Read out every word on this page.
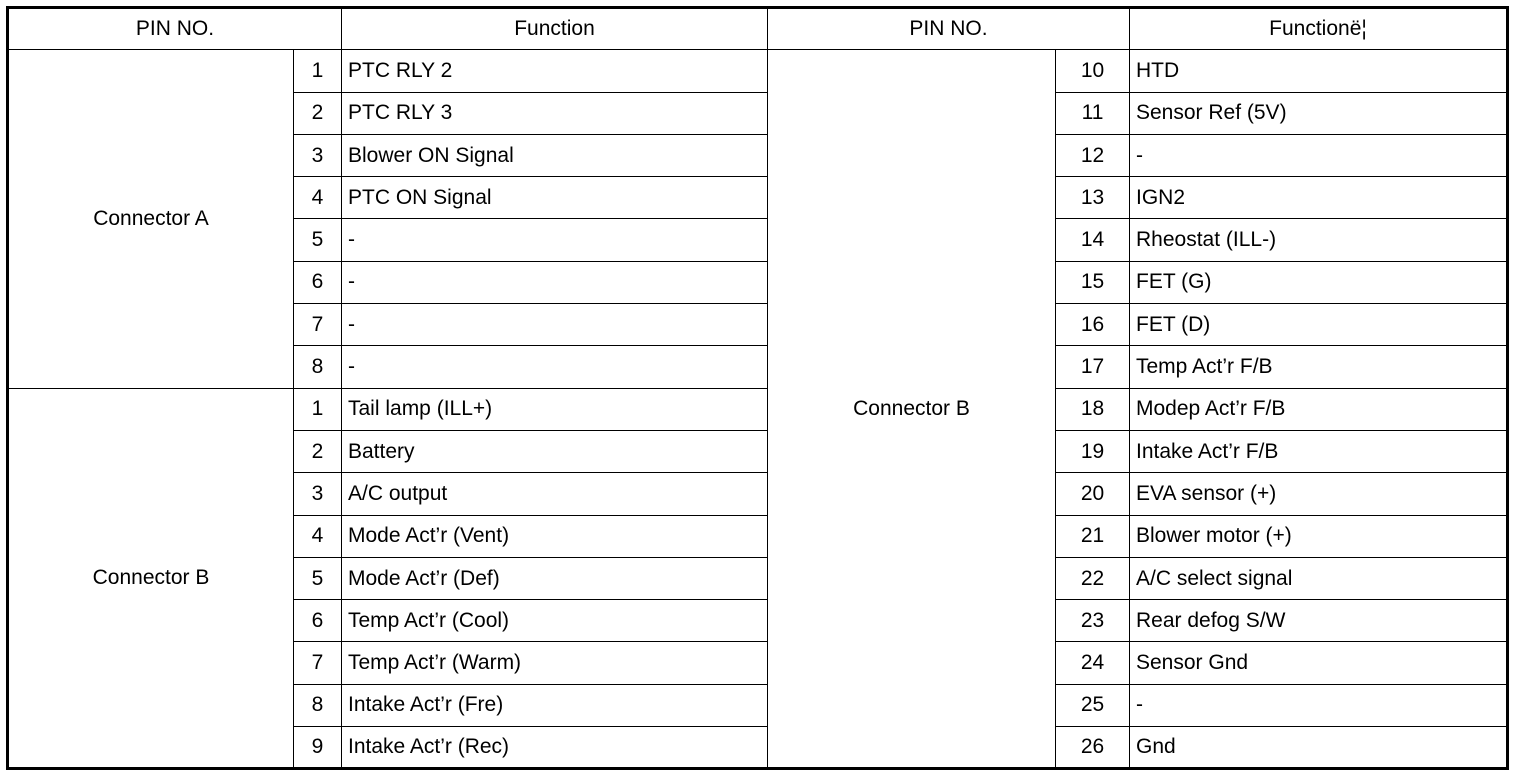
PIN NO.		Function	PIN NO.		Functionë¦
Connector A	1	PTC RLY 2	Connector B	10	HTD
	2	PTC RLY 3		11	Sensor Ref (5V)
	3	Blower ON Signal		12	-
	4	PTC ON Signal		13	IGN2
	5	-		14	Rheostat (ILL-)
	6	-		15	FET (G)
	7	-		16	FET (D)
	8	-		17	Temp Act’r F/B
Connector B	1	Tail lamp (ILL+)		18	Modep Act’r F/B
	2	Battery		19	Intake Act’r F/B
	3	A/C output		20	EVA sensor (+)
	4	Mode Act’r (Vent)		21	Blower motor (+)
	5	Mode Act’r (Def)		22	A/C select signal
	6	Temp Act’r (Cool)		23	Rear defog S/W
	7	Temp Act’r (Warm)		24	Sensor Gnd
	8	Intake Act’r (Fre)		25	-
	9	Intake Act’r (Rec)		26	Gnd
